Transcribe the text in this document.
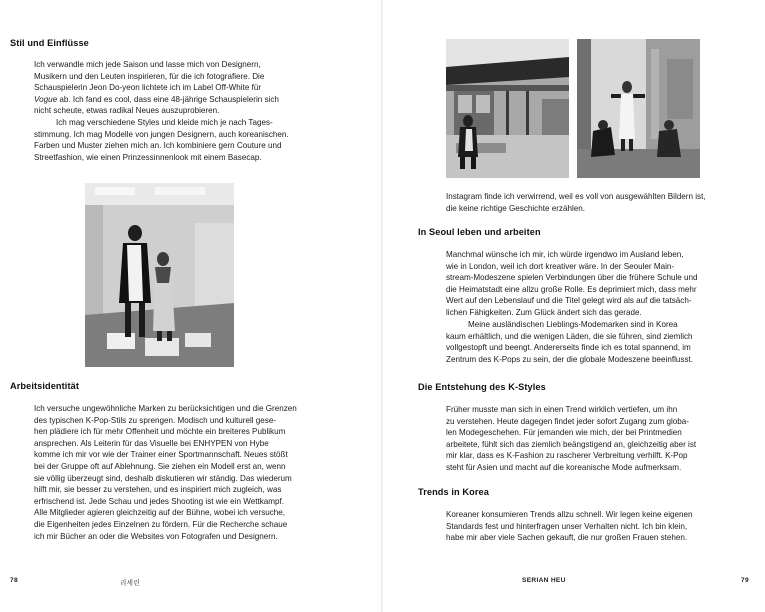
Stil und Einflüsse
Ich verwandle mich jede Saison und lasse mich von Designern,
Musikern und den Leuten inspirieren, für die ich fotografiere. Die
Schauspielerin Jeon Do-yeon lichtete ich im Label Off-White für
Vogue ab. Ich fand es cool, dass eine 48-jährige Schauspielerin sich
nicht scheute, etwas radikal Neues auszuprobieren.
Ich mag verschiedene Styles und kleide mich je nach Tages-
stimmung. Ich mag Modelle von jungen Designern, auch koreanischen.
Farben und Muster ziehen mich an. Ich kombiniere gern Couture und
Streetfashion, wie einen Prinzessinnenlook mit einem Basecap.
Arbeitsidentität
Ich versuche ungewöhnliche Marken zu berücksichtigen und die Grenzen
des typischen K-Pop-Stils zu sprengen. Modisch und kulturell gese-
hen plädiere ich für mehr Offenheit und möchte ein breiteres Publikum
ansprechen. Als Leiterin für das Visuelle bei ENHYPEN von Hybe
komme ich mir vor wie der Trainer einer Sportmannschaft. Neues stößt
bei der Gruppe oft auf Ablehnung. Sie ziehen ein Modell erst an, wenn
sie völlig überzeugt sind, deshalb diskutieren wir ständig. Das wiederum
hilft mir, sie besser zu verstehen, und es inspiriert mich zugleich, was
erfrischend ist. Jede Schau und jedes Shooting ist wie ein Wettkampf.
Alle Mitglieder agieren gleichzeitig auf der Bühne, wobei ich versuche,
die Eigenheiten jedes Einzelnen zu fördern. Für die Recherche schaue
ich mir Bücher an oder die Websites von Fotografen und Designern.
78	리세린
Instagram finde ich verwirrend, weil es voll von ausgewählten Bildern ist,
die keine richtige Geschichte erzählen.
In Seoul leben und arbeiten
Manchmal wünsche ich mir, ich würde irgendwo im Ausland leben,
wie in London, weil ich dort kreativer wäre. In der Seouler Main-
stream-Modeszene spielen Verbindungen über die frühere Schule und
die Heimatstadt eine allzu große Rolle. Es deprimiert mich, dass mehr
Wert auf den Lebenslauf und die Titel gelegt wird als auf die tatsäch-
lichen Fähigkeiten. Zum Glück ändert sich das gerade.
Meine ausländischen Lieblings-Modemarken sind in Korea
kaum erhältlich, und die wenigen Läden, die sie führen, sind ziemlich
vollgestopft und beengt. Andererseits finde ich es total spannend, im
Zentrum des K-Pops zu sein, der die globale Modeszene beeinflusst.
Die Entstehung des K-Styles
Früher musste man sich in einen Trend wirklich vertiefen, um ihn
zu verstehen. Heute dagegen findet jeder sofort Zugang zum globa-
len Modegeschehen. Für jemanden wie mich, der bei Printmedien
arbeitete, fühlt sich das ziemlich beängstigend an, gleichzeitig aber ist
mir klar, dass es K-Fashion zu rascherer Verbreitung verhilft. K-Pop
steht für Asien und macht auf die koreanische Mode aufmerksam.
Trends in Korea
Koreaner konsumieren Trends allzu schnell. Wir legen keine eigenen
Standards fest und hinterfragen unser Verhalten nicht. Ich bin klein,
habe mir aber viele Sachen gekauft, die nur großen Frauen stehen.
SERIAN HEU	79
